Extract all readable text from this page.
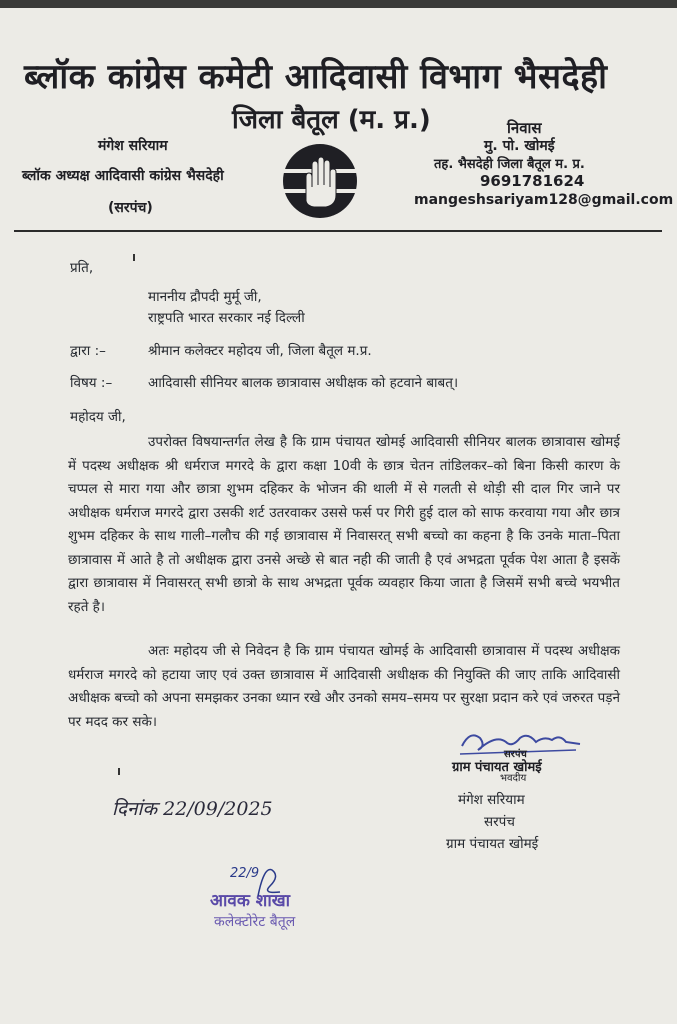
ब्लॉक कांग्रेस कमेटी आदिवासी विभाग भैसदेही
जिला बैतूल (म. प्र.)
मंगेश सरियाम
ब्लॉक अध्यक्ष आदिवासी कांग्रेस भैसदेही
(सरपंच)
निवास
मु. पो. खोमई
तह. भैसदेही जिला बैतूल म. प्र.
9691781624
mangeshsariyam128@gmail.com
प्रति,
माननीय द्रौपदी मुर्मू जी,
राष्ट्रपति भारत सरकार नई दिल्ली
द्वारा :–	श्रीमान कलेक्टर महोदय जी, जिला बैतूल म.प्र.
विषय :–	आदिवासी सीनियर बालक छात्रावास अधीक्षक को हटवाने बाबत्।
महोदय जी,
उपरोक्त विषयान्तर्गत लेख है कि ग्राम पंचायत खोमई आदिवासी सीनियर बालक छात्रावास खोमई में पदस्थ अधीक्षक श्री धर्मराज मगरदे के द्वारा कक्षा 10वी के छात्र चेतन तांडिलकर–को बिना किसी कारण के चप्पल से मारा गया और छात्रा शुभम दहिकर के भोजन की थाली में से गलती से थोड़ी सी दाल गिर जाने पर अधीक्षक धर्मराज मगरदे द्वारा उसकी शर्ट उतरवाकर उससे फर्स पर गिरी हुई दाल को साफ करवाया गया और छात्र शुभम दहिकर के साथ गाली–गलौच की गई छात्रावास में निवासरत् सभी बच्चो का कहना है कि उनके माता–पिता छात्रावास में आते है तो अधीक्षक द्वारा उनसे अच्छे से बात नही की जाती है एवं अभद्रता पूर्वक पेश आता है इसकें द्वारा छात्रावास में निवासरत् सभी छात्रो के साथ अभद्रता पूर्वक व्यवहार किया जाता है जिसमें सभी बच्चे भयभीत रहते है।
अतः महोदय जी से निवेदन है कि ग्राम पंचायत खोमई के आदिवासी छात्रावास में पदस्थ अधीक्षक धर्मराज मगरदे को हटाया जाए एवं उक्त छात्रावास में आदिवासी अधीक्षक की नियुक्ति की जाए ताकि आदिवासी अधीक्षक बच्चो को अपना समझकर उनका ध्यान रखे और उनको समय–समय पर सुरक्षा प्रदान करे एवं जरुरत पड़ने पर मदद कर सके।
सरपंच
ग्राम पंचायत खोमई
भवदीय
मंगेश सरियाम
सरपंच
ग्राम पंचायत खोमई
दिनांक 22/09/2025
22/9
आवक शाखा
कलेक्टोरेट बैतूल
